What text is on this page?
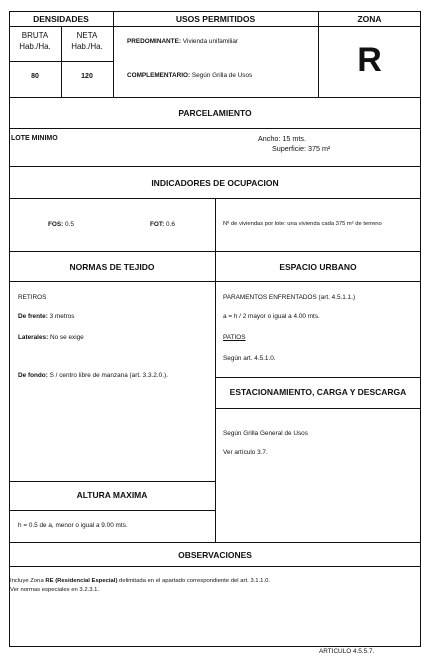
DENSIDADES
BRUTA
Hab./Ha.
NETA
Hab./Ha.
80	120
USOS PERMITIDOS
PREDOMINANTE: Vivienda unifamiliar
COMPLEMENTARIO: Según Grilla de Usos
ZONA
R
PARCELAMIENTO
LOTE MINIMO	Ancho: 15 mts.
Superficie: 375 m²
INDICADORES DE OCUPACION
FOS: 0.5	FOT: 0.6	Nº de viviendas por lote: una vivienda cada 375 m² de terreno
NORMAS DE TEJIDO
RETIROS
De frente: 3 metros
Laterales: No se exige
De fondo: S / centro libre de manzana (art. 3.3.2.0.).
ESPACIO URBANO
PARAMENTOS ENFRENTADOS (art. 4.5.1.1.)
a = h / 2 mayor o igual a 4.00 mts.
PATIOS
Según art. 4.5.1.0.
ESTACIONAMIENTO, CARGA Y DESCARGA
Según Grilla General de Usos
Ver artículo 3.7.
ALTURA MAXIMA
h = 0.5 de a, menor o igual a 9.00 mts.
OBSERVACIONES
Incluye Zona RE (Residencial Especial) delimitada en el apartado correspondiente del art. 3.1.1.0.
Ver normas especiales en 3.2.3.1.
ARTICULO 4.5.5.7.
